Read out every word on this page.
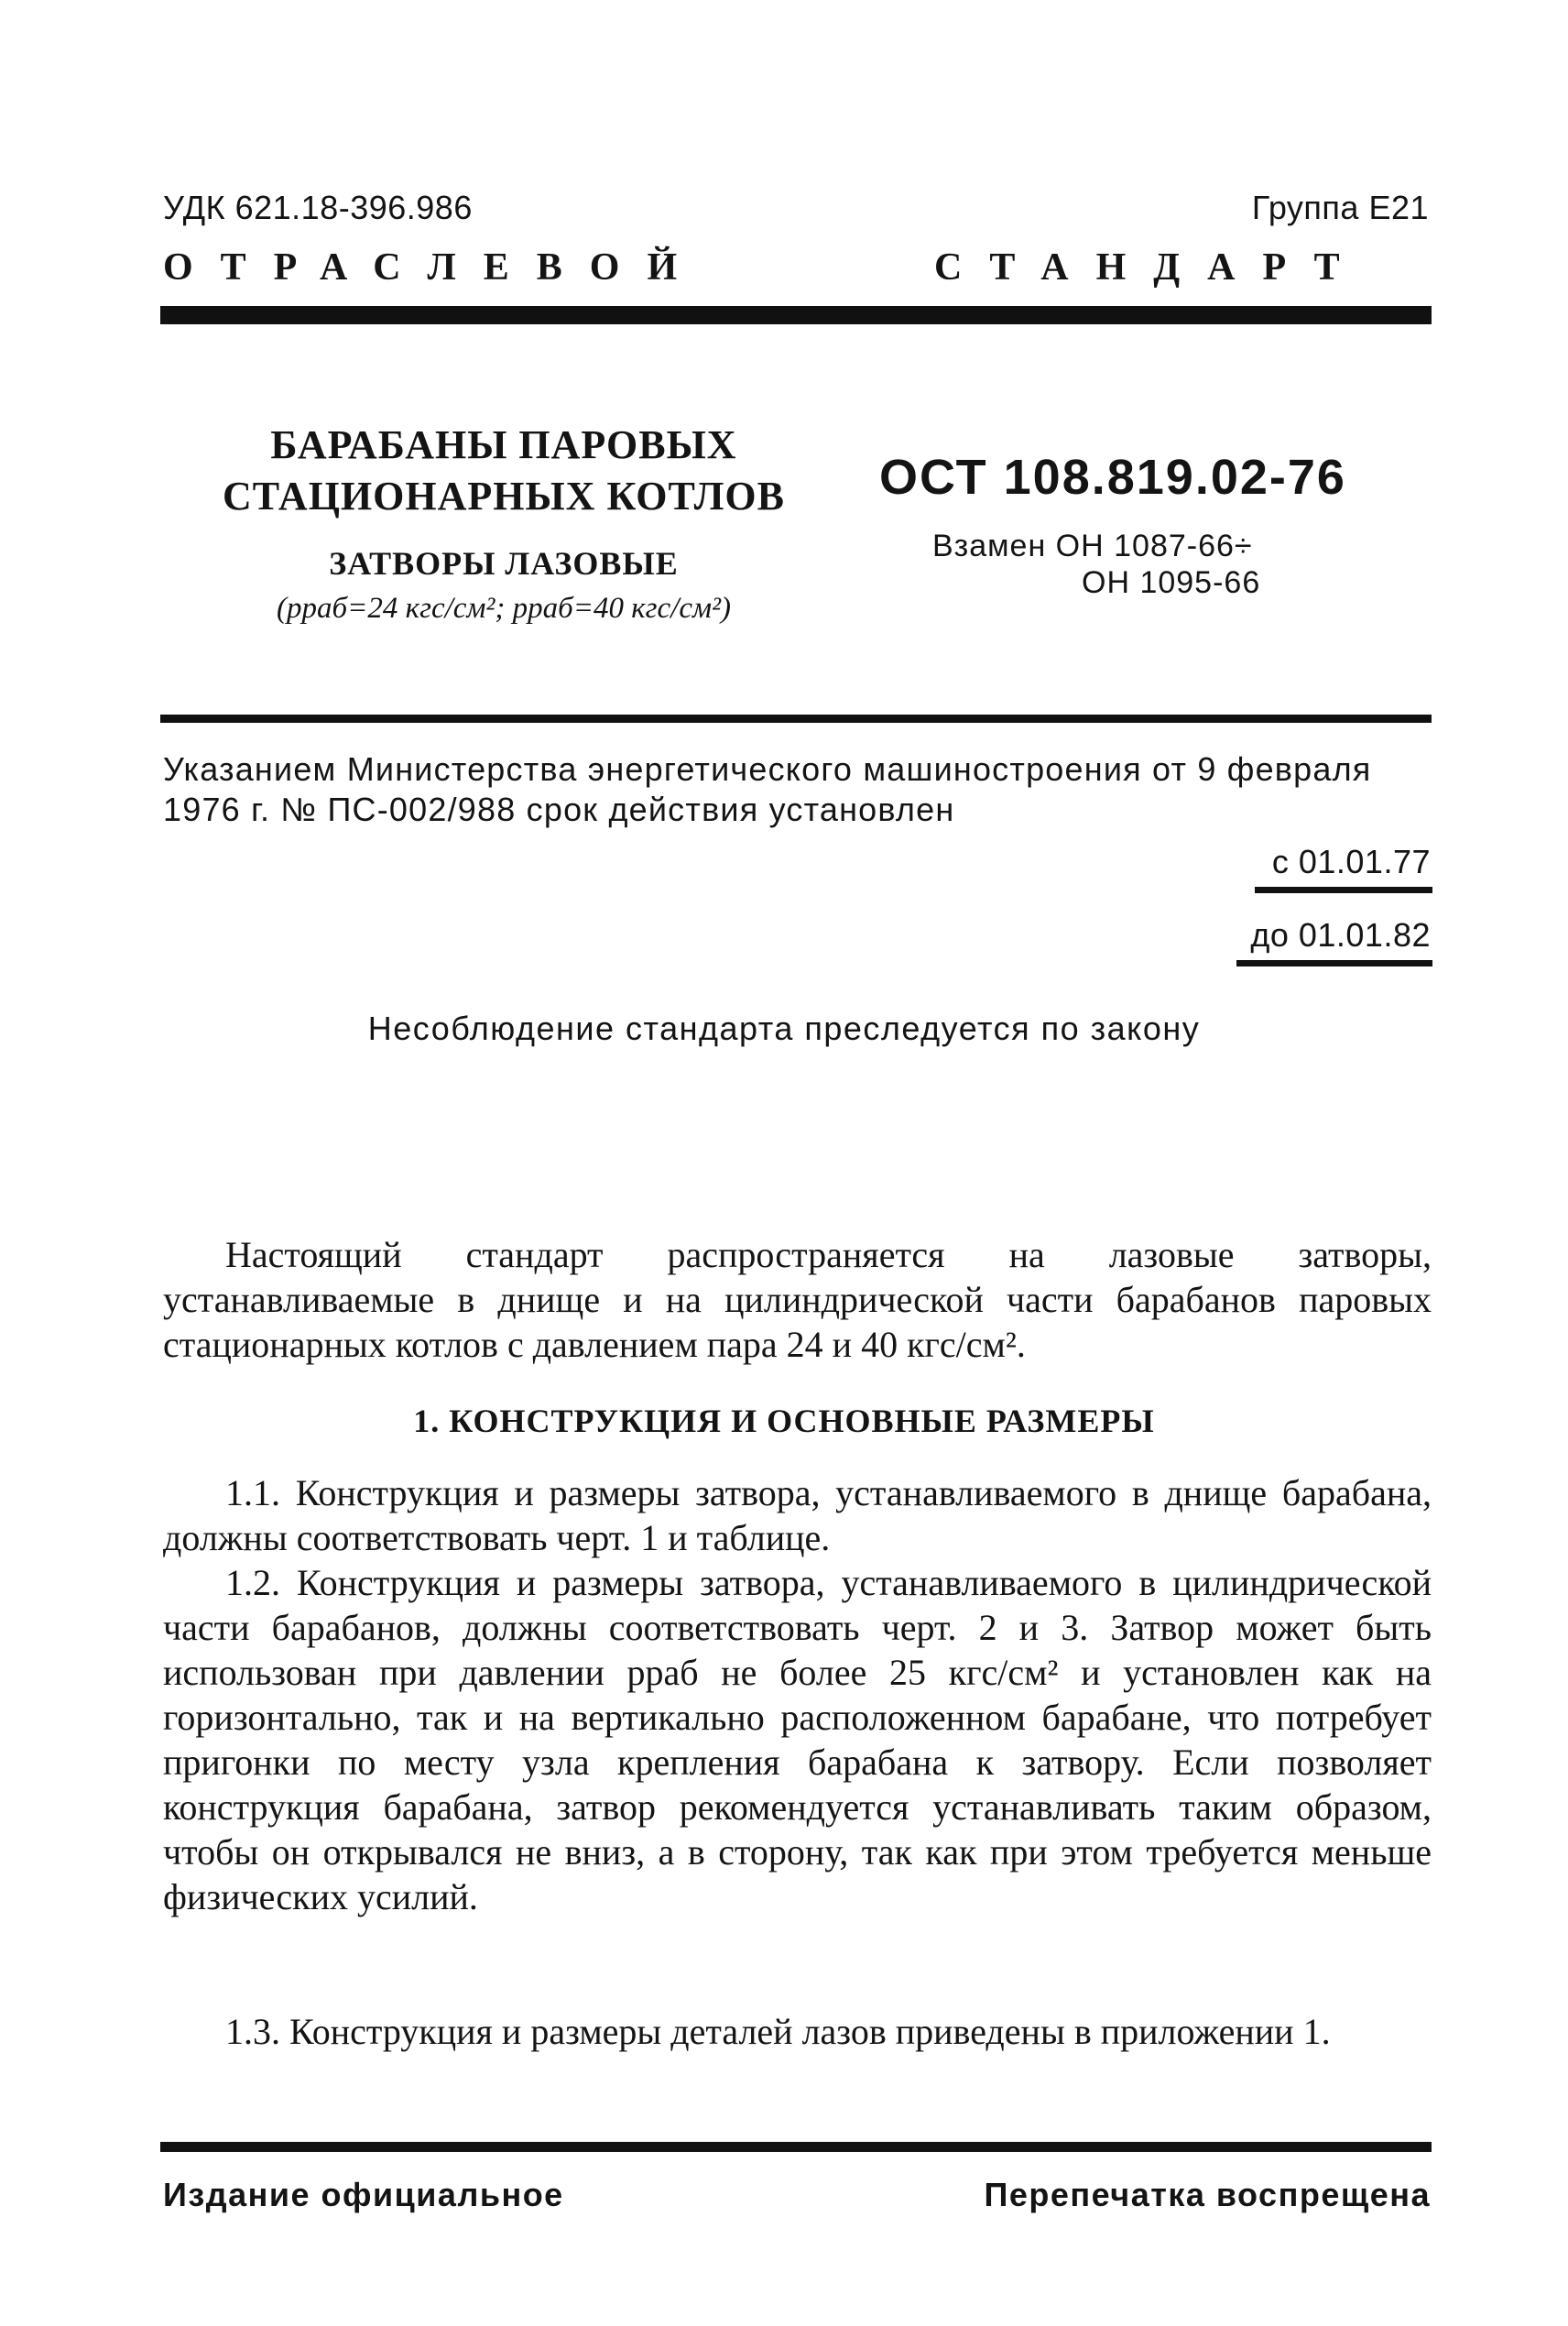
УДК 621.18-396.986	Группа Е21
ОТРАСЛЕВОЙ	СТАНДАРТ
БАРАБАНЫ ПАРОВЫХ
СТАЦИОНАРНЫХ КОТЛОВ
ЗАТВОРЫ ЛАЗОВЫЕ
(pраб=24 кгс/см²; pраб=40 кгс/см²)
ОСТ 108.819.02-76
Взамен ОН 1087-66÷
ОН 1095-66
Указанием Министерства энергетического машиностроения от 9 февраля 1976 г. № ПС-002/988 срок действия установлен
с 01.01.77
до 01.01.82
Несоблюдение стандарта преследуется по закону
Настоящий стандарт распространяется на лазовые затворы, устанавливаемые в днище и на цилиндрической части барабанов паровых стационарных котлов с давлением пара 24 и 40 кгс/см².
1. КОНСТРУКЦИЯ И ОСНОВНЫЕ РАЗМЕРЫ
1.1. Конструкция и размеры затвора, устанавливаемого в днище барабана, должны соответствовать черт. 1 и таблице.
1.2. Конструкция и размеры затвора, устанавливаемого в цилиндрической части барабанов, должны соответствовать черт. 2 и 3. Затвор может быть использован при давлении pраб не более 25 кгс/см² и установлен как на горизонтально, так и на вертикально расположенном барабане, что потребует пригонки по месту узла крепления барабана к затвору. Если позволяет конструкция барабана, затвор рекомендуется устанавливать таким образом, чтобы он открывался не вниз, а в сторону, так как при этом требуется меньше физических усилий.
1.3. Конструкция и размеры деталей лазов приведены в приложении 1.
Издание официальное	Перепечатка воспрещена
